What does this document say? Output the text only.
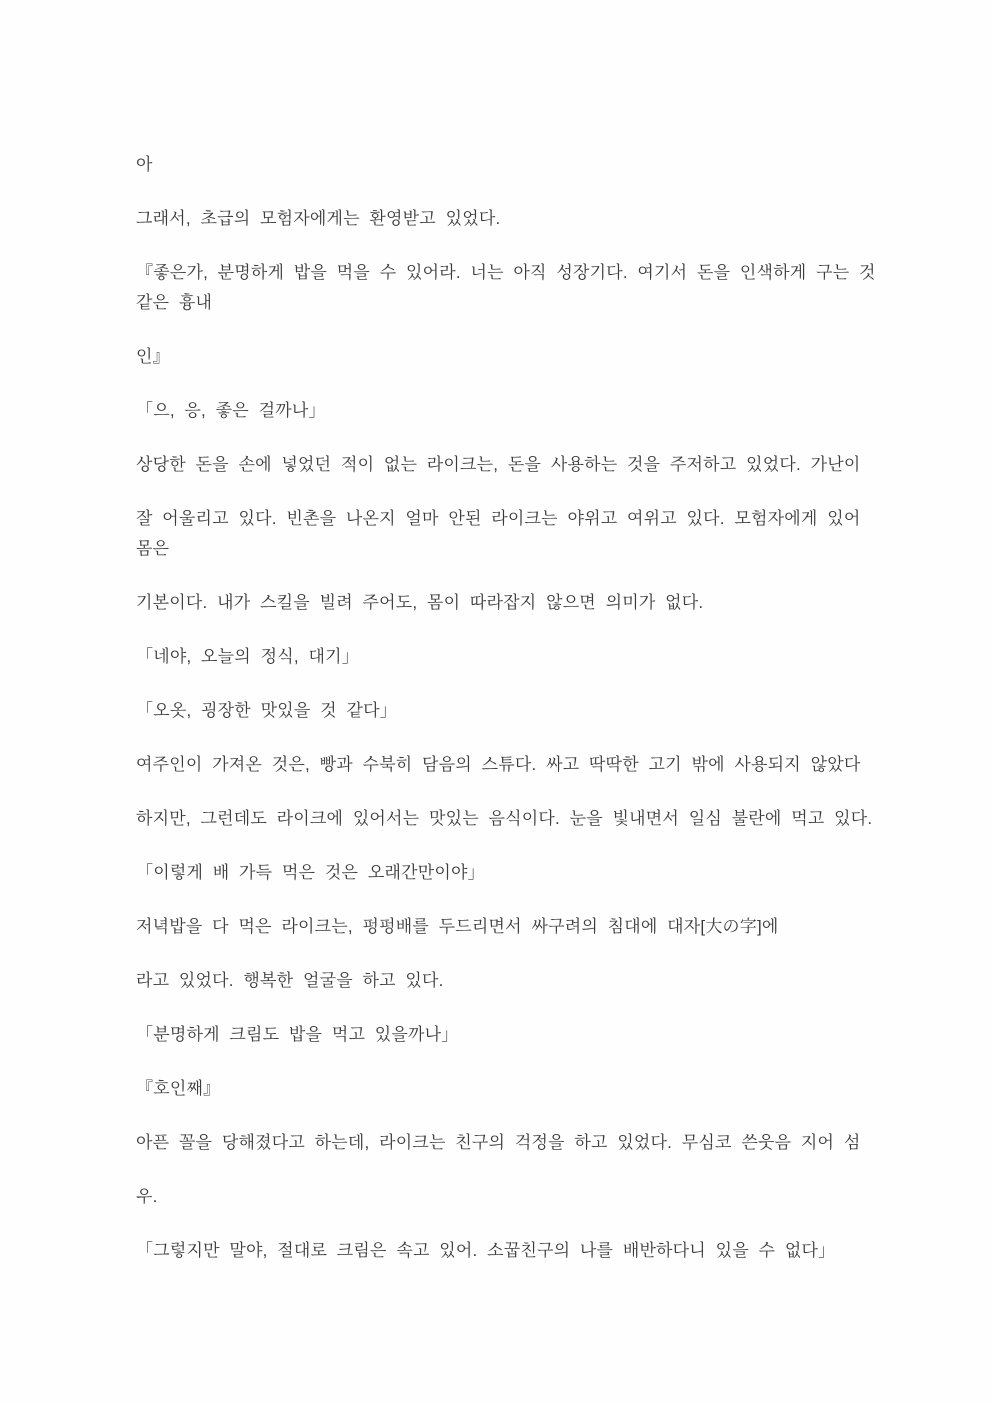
아
그래서, 초급의 모험자에게는 환영받고 있었다.
『좋은가, 분명하게 밥을 먹을 수 있어라. 너는 아직 성장기다. 여기서 돈을 인색하게 구는 것
같은 흉내
인』
「으, 응, 좋은 걸까나」
상당한 돈을 손에 넣었던 적이 없는 라이크는, 돈을 사용하는 것을 주저하고 있었다. 가난이
잘 어울리고 있다. 빈촌을 나온지 얼마 안된 라이크는 야위고 여위고 있다. 모험자에게 있어
몸은
기본이다. 내가 스킬을 빌려 주어도, 몸이 따라잡지 않으면 의미가 없다.
「네야, 오늘의 정식, 대기」
「오옷, 굉장한 맛있을 것 같다」
여주인이 가져온 것은, 빵과 수북히 담음의 스튜다. 싸고 딱딱한 고기 밖에 사용되지 않았다
하지만, 그런데도 라이크에 있어서는 맛있는 음식이다. 눈을 빛내면서 일심 불란에 먹고 있다.
「이렇게 배 가득 먹은 것은 오래간만이야」
저녁밥을 다 먹은 라이크는, 펑펑배를 두드리면서 싸구려의 침대에 대자[大の字]에
라고 있었다. 행복한 얼굴을 하고 있다.
「분명하게 크림도 밥을 먹고 있을까나」
『호인째』
아픈 꼴을 당해졌다고 하는데, 라이크는 친구의 걱정을 하고 있었다. 무심코 쓴웃음 지어 섬
우.
「그렇지만 말야, 절대로 크림은 속고 있어. 소꿉친구의 나를 배반하다니 있을 수 없다」
